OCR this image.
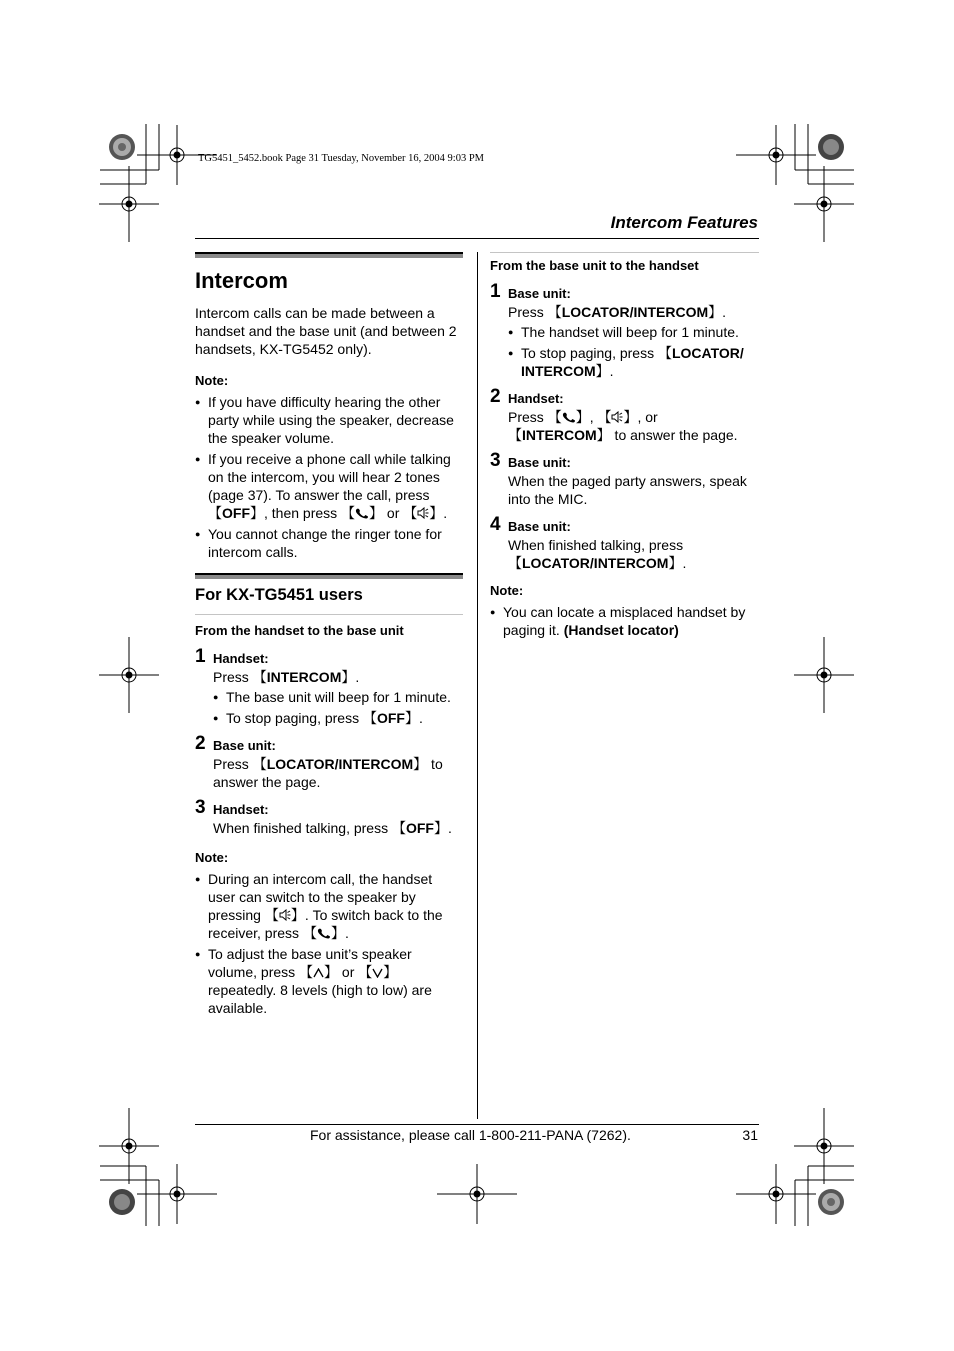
TG5451_5452.book Page 31 Tuesday, November 16, 2004 9:03 PM
Intercom Features
Intercom

Intercom calls can be made between a handset and the base unit (and between 2 handsets, KX-TG5452 only).

Note:
● If you have difficulty hearing the other party while using the speaker, decrease the speaker volume.
● If you receive a phone call while talking on the intercom, you will hear 2 tones (page 37). To answer the call, press 【OFF】, then press 【 】 or 【 】.
● You cannot change the ringer tone for intercom calls.
For KX-TG5451 users
From the handset to the base unit
1 Handset:

Press 【INTERCOM】.

● The base unit will beep for 1 minute.
● To stop paging, press 【OFF】.
2 Base unit:

Press 【LOCATOR/INTERCOM】 to answer the page.

3 Handset:

When finished talking, press 【OFF】.

Note:
● During an intercom call, the handset user can switch to the speaker by pressing 【 】. To switch back to the receiver, press 【 】.
● To adjust the base unit’s speaker volume, press 【 】 or 【 】 repeatedly. 8 levels (high to low) are available.
From the base unit to the handset
1 Base unit:

Press 【LOCATOR/INTERCOM】.

● The handset will beep for 1 minute.
● To stop paging, press 【LOCATOR/ INTERCOM】.
2 Handset:

Press 【 】, 【 】, or 【INTERCOM】 to answer the page.

3 Base unit:

When the paged party answers, speak into the MIC.

4 Base unit:

When finished talking, press 【LOCATOR/INTERCOM】.

Note:
● You can locate a misplaced handset by paging it. (Handset locator)
For assistance, please call 1-800-211-PANA (7262).	31
